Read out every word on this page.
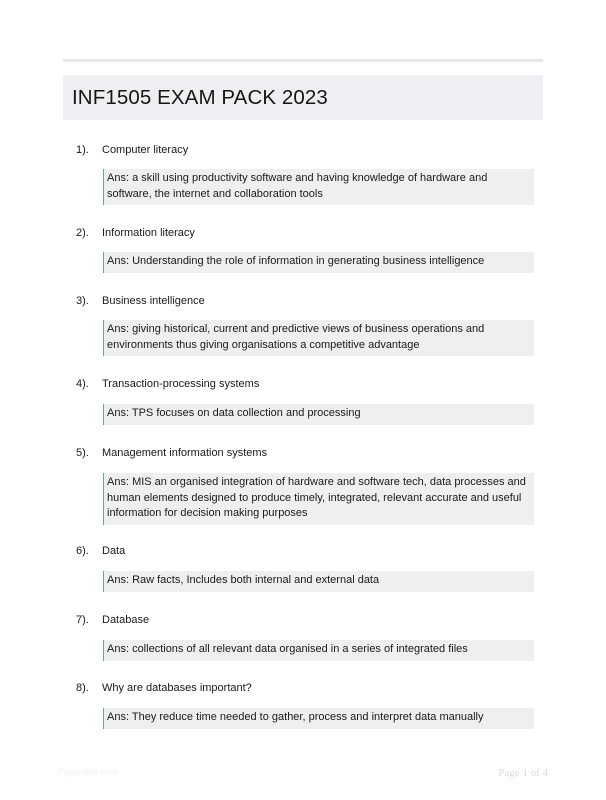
INF1505 EXAM PACK 2023
1). Computer literacy
Ans: a skill using productivity software and having knowledge of hardware and software, the internet and collaboration tools
2). Information literacy
Ans: Understanding the role of information in generating business intelligence
3). Business intelligence
Ans: giving historical, current and predictive views of business operations and environments thus giving organisations a competitive advantage
4). Transaction-processing systems
Ans: TPS focuses on data collection and processing
5). Management information systems
Ans: MIS an organised integration of hardware and software tech, data processes and human elements designed to produce timely, integrated, relevant accurate and useful information for decision making purposes
6). Data
Ans: Raw facts, Includes both internal and external data
7). Database
Ans: collections of all relevant data organised in a series of integrated files
8). Why are databases important?
Ans: They reduce time needed to gather, process and interpret data manually
Paperlible.com	Page 1 of 4
